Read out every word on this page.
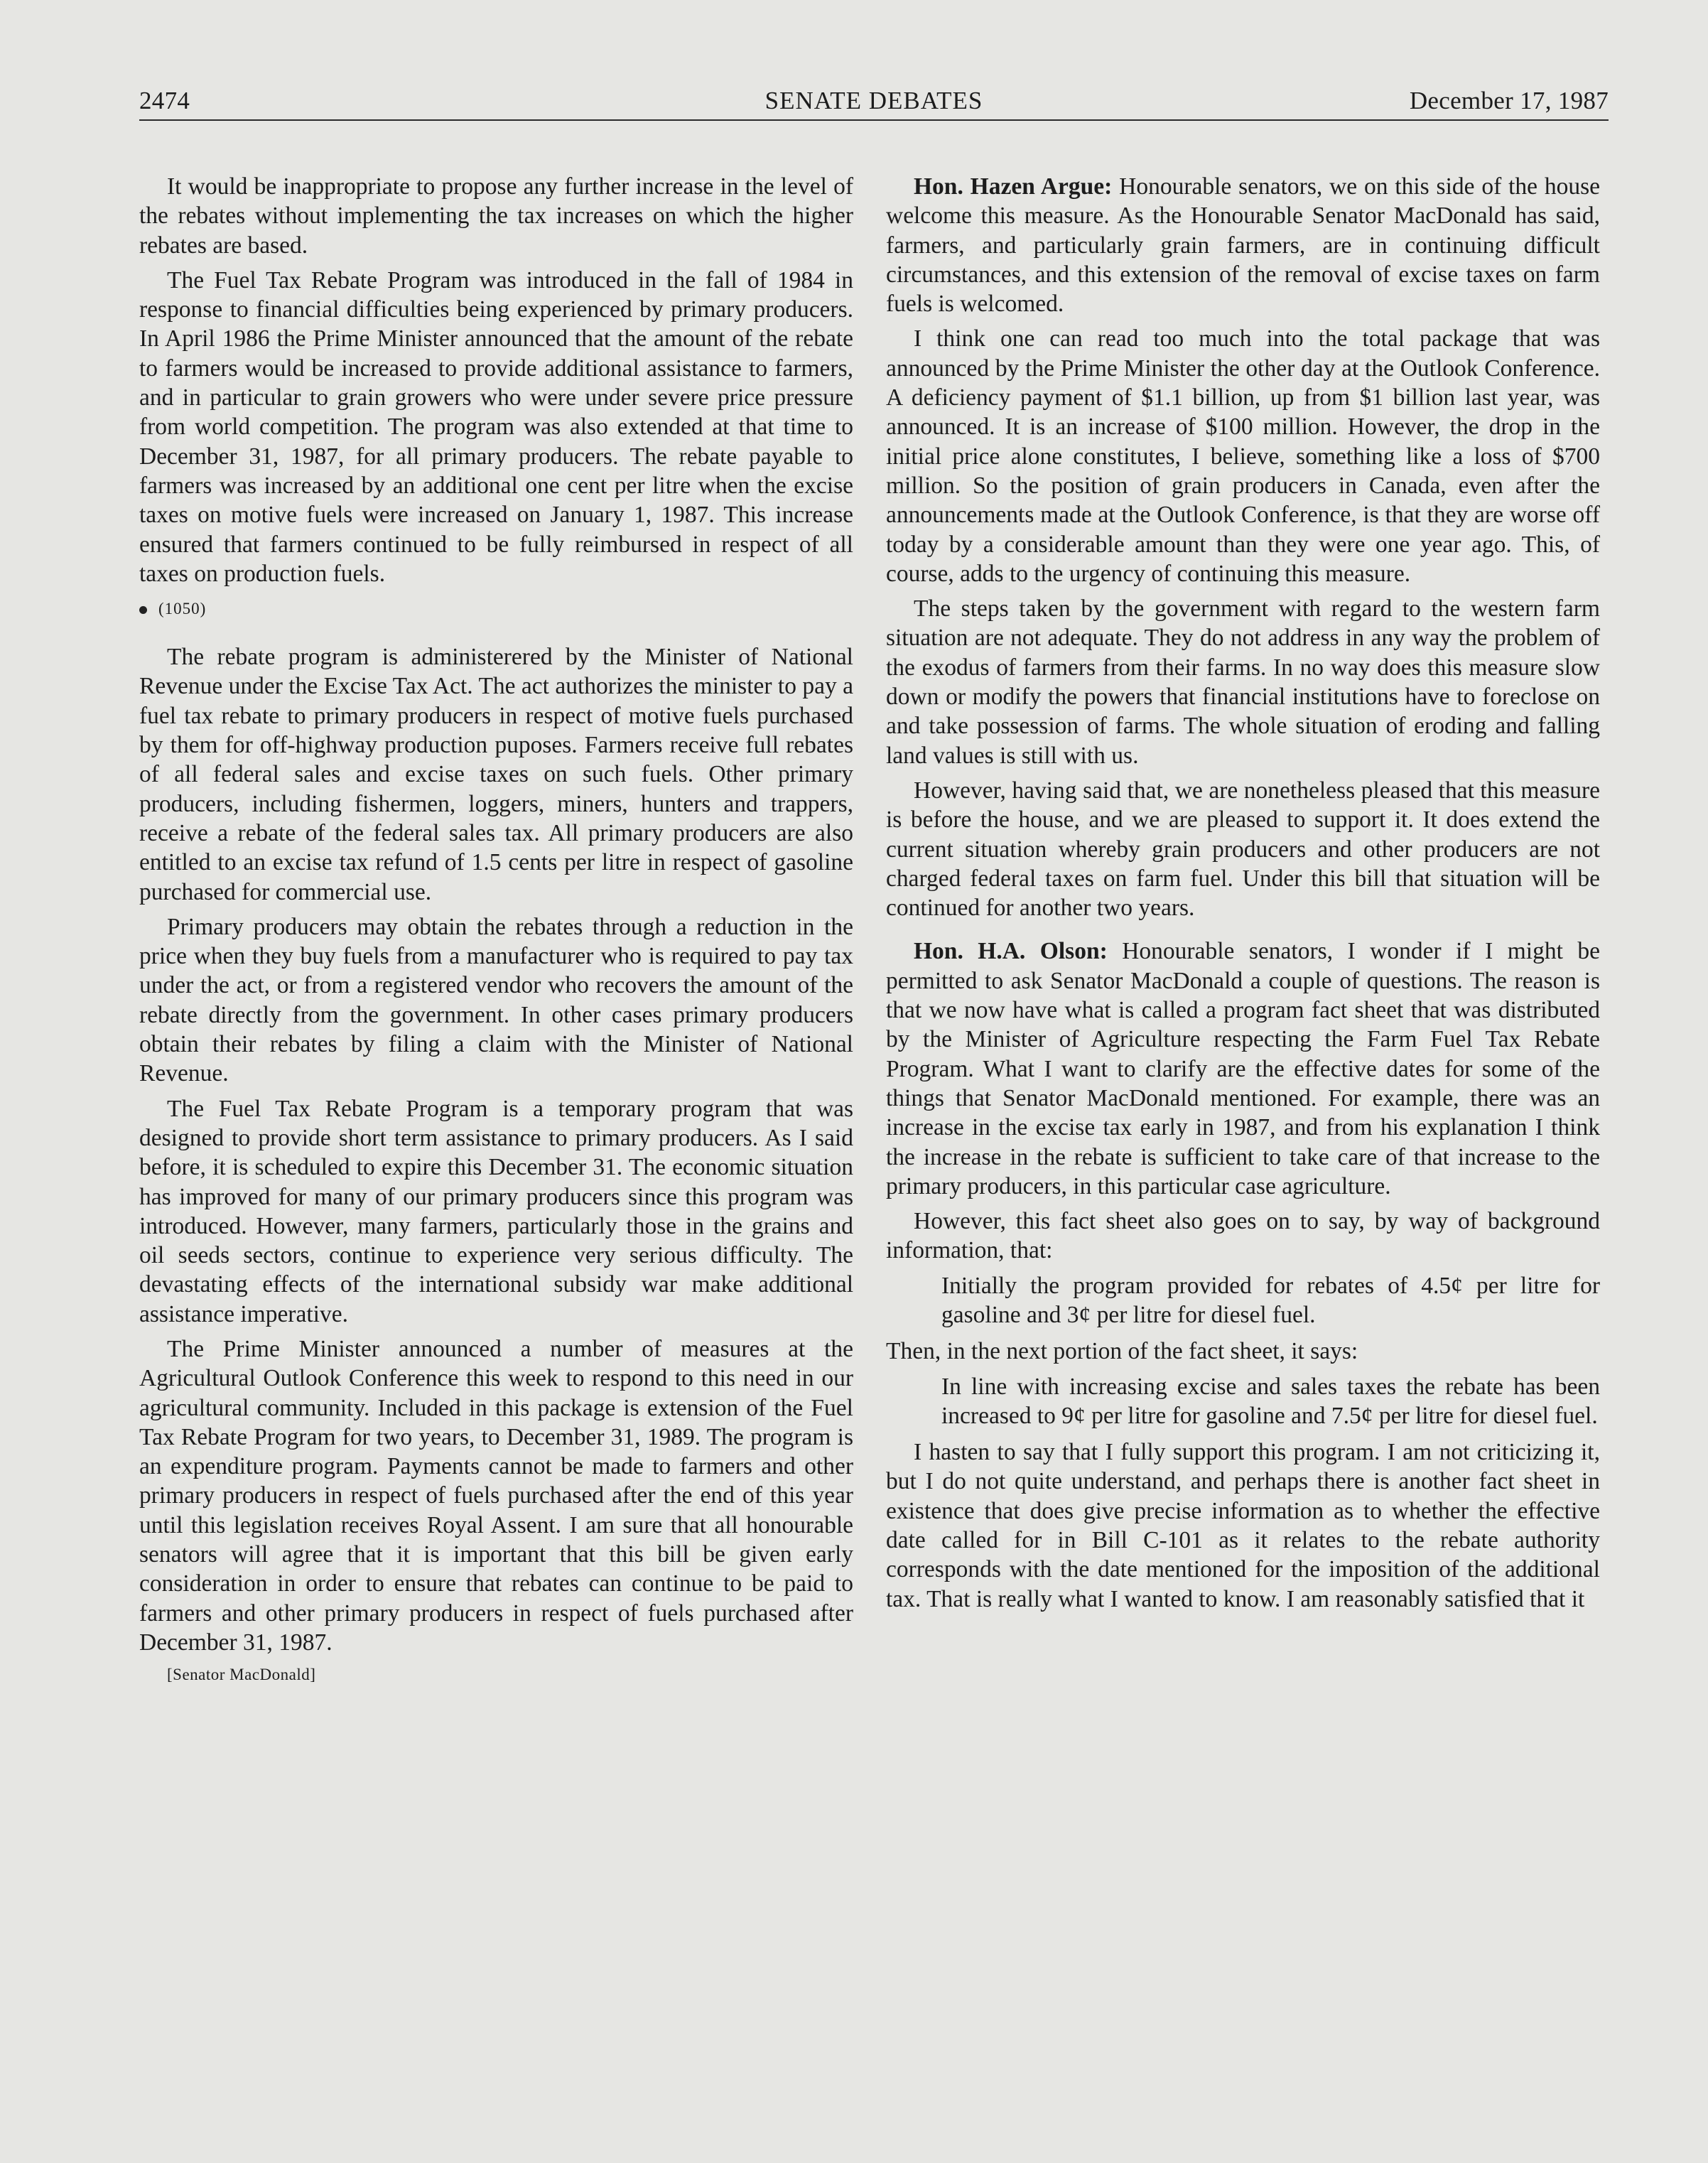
2474	SENATE DEBATES	December 17, 1987

It would be inappropriate to propose any further increase in the level of the rebates without implementing the tax increases on which the higher rebates are based.

The Fuel Tax Rebate Program was introduced in the fall of 1984 in response to financial difficulties being experienced by primary producers. In April 1986 the Prime Minister announced that the amount of the rebate to farmers would be increased to provide additional assistance to farmers, and in particular to grain growers who were under severe price pressure from world competition. The program was also extended at that time to December 31, 1987, for all primary producers. The rebate payable to farmers was increased by an additional one cent per litre when the excise taxes on motive fuels were increased on January 1, 1987. This increase ensured that farmers continued to be fully reimbursed in respect of all taxes on production fuels.

(1050)

The rebate program is administerered by the Minister of National Revenue under the Excise Tax Act. The act authorizes the minister to pay a fuel tax rebate to primary producers in respect of motive fuels purchased by them for off-highway production puposes. Farmers receive full rebates of all federal sales and excise taxes on such fuels. Other primary producers, including fishermen, loggers, miners, hunters and trappers, receive a rebate of the federal sales tax. All primary producers are also entitled to an excise tax refund of 1.5 cents per litre in respect of gasoline purchased for commercial use.

Primary producers may obtain the rebates through a reduction in the price when they buy fuels from a manufacturer who is required to pay tax under the act, or from a registered vendor who recovers the amount of the rebate directly from the government. In other cases primary producers obtain their rebates by filing a claim with the Minister of National Revenue.

The Fuel Tax Rebate Program is a temporary program that was designed to provide short term assistance to primary producers. As I said before, it is scheduled to expire this December 31. The economic situation has improved for many of our primary producers since this program was introduced. However, many farmers, particularly those in the grains and oil seeds sectors, continue to experience very serious difficulty. The devastating effects of the international subsidy war make additional assistance imperative.

The Prime Minister announced a number of measures at the Agricultural Outlook Conference this week to respond to this need in our agricultural community. Included in this package is extension of the Fuel Tax Rebate Program for two years, to December 31, 1989. The program is an expenditure program. Payments cannot be made to farmers and other primary producers in respect of fuels purchased after the end of this year until this legislation receives Royal Assent. I am sure that all honourable senators will agree that it is important that this bill be given early consideration in order to ensure that rebates can continue to be paid to farmers and other primary producers in respect of fuels purchased after December 31, 1987.

[Senator MacDonald]

Hon. Hazen Argue: Honourable senators, we on this side of the house welcome this measure. As the Honourable Senator MacDonald has said, farmers, and particularly grain farmers, are in continuing difficult circumstances, and this extension of the removal of excise taxes on farm fuels is welcomed.

I think one can read too much into the total package that was announced by the Prime Minister the other day at the Outlook Conference. A deficiency payment of $1.1 billion, up from $1 billion last year, was announced. It is an increase of $100 million. However, the drop in the initial price alone constitutes, I believe, something like a loss of $700 million. So the position of grain producers in Canada, even after the announcements made at the Outlook Conference, is that they are worse off today by a considerable amount than they were one year ago. This, of course, adds to the urgency of continuing this measure.

The steps taken by the government with regard to the western farm situation are not adequate. They do not address in any way the problem of the exodus of farmers from their farms. In no way does this measure slow down or modify the powers that financial institutions have to foreclose on and take possession of farms. The whole situation of eroding and falling land values is still with us.

However, having said that, we are nonetheless pleased that this measure is before the house, and we are pleased to support it. It does extend the current situation whereby grain producers and other producers are not charged federal taxes on farm fuel. Under this bill that situation will be continued for another two years.

Hon. H.A. Olson: Honourable senators, I wonder if I might be permitted to ask Senator MacDonald a couple of questions. The reason is that we now have what is called a program fact sheet that was distributed by the Minister of Agriculture respecting the Farm Fuel Tax Rebate Program. What I want to clarify are the effective dates for some of the things that Senator MacDonald mentioned. For example, there was an increase in the excise tax early in 1987, and from his explanation I think the increase in the rebate is sufficient to take care of that increase to the primary producers, in this particular case agriculture.

However, this fact sheet also goes on to say, by way of background information, that:

Initially the program provided for rebates of 4.5¢ per litre for gasoline and 3¢ per litre for diesel fuel.

Then, in the next portion of the fact sheet, it says:

In line with increasing excise and sales taxes the rebate has been increased to 9¢ per litre for gasoline and 7.5¢ per litre for diesel fuel.

I hasten to say that I fully support this program. I am not criticizing it, but I do not quite understand, and perhaps there is another fact sheet in existence that does give precise information as to whether the effective date called for in Bill C-101 as it relates to the rebate authority corresponds with the date mentioned for the imposition of the additional tax. That is really what I wanted to know. I am reasonably satisfied that it
